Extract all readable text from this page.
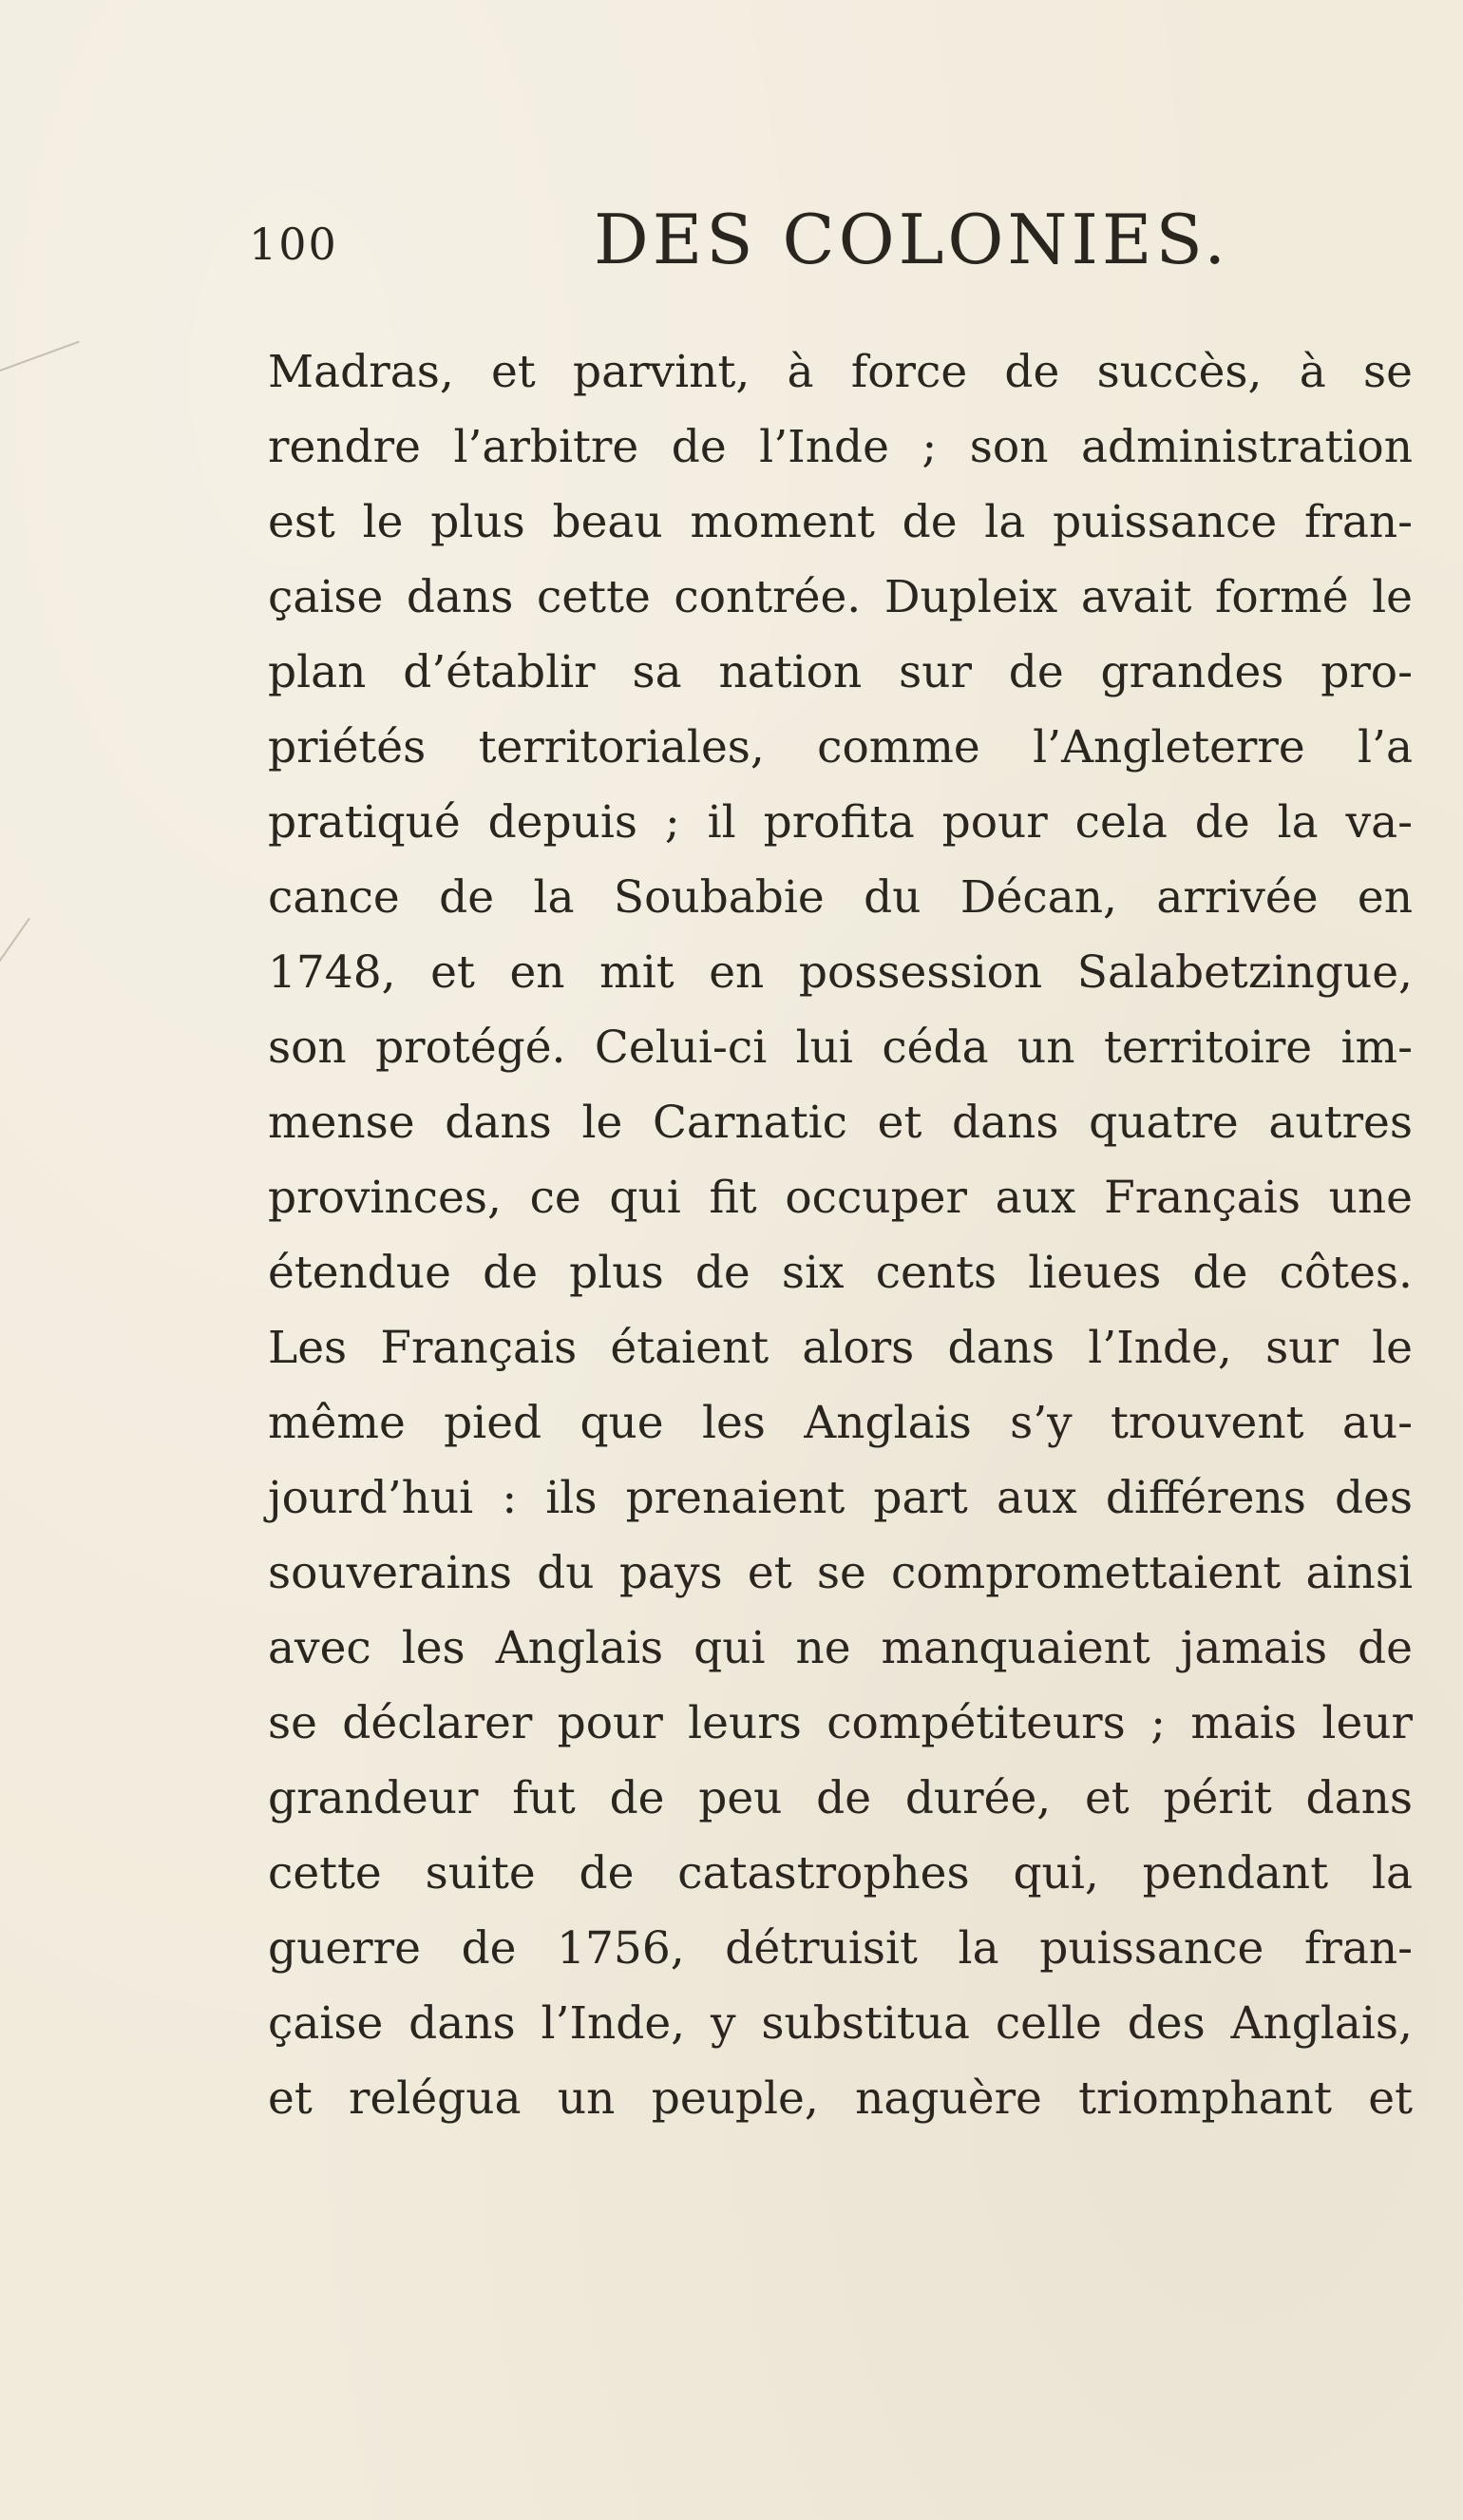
100	DES COLONIES.
Madras, et parvint, à force de succès, à se
rendre l’arbitre de l’Inde ; son administration
est le plus beau moment de la puissance fran-
çaise dans cette contrée. Dupleix avait formé le
plan d’établir sa nation sur de grandes pro-
priétés territoriales, comme l’Angleterre l’a
pratiqué depuis ; il profita pour cela de la va-
cance de la Soubabie du Décan, arrivée en
1748, et en mit en possession Salabetzingue,
son protégé. Celui-ci lui céda un territoire im-
mense dans le Carnatic et dans quatre autres
provinces, ce qui fit occuper aux Français une
étendue de plus de six cents lieues de côtes.
Les Français étaient alors dans l’Inde, sur le
même pied que les Anglais s’y trouvent au-
jourd’hui : ils prenaient part aux différens des
souverains du pays et se compromettaient ainsi
avec les Anglais qui ne manquaient jamais de
se déclarer pour leurs compétiteurs ; mais leur
grandeur fut de peu de durée, et périt dans
cette suite de catastrophes qui, pendant la
guerre de 1756, détruisit la puissance fran-
çaise dans l’Inde, y substitua celle des Anglais,
et relégua un peuple, naguère triomphant et
